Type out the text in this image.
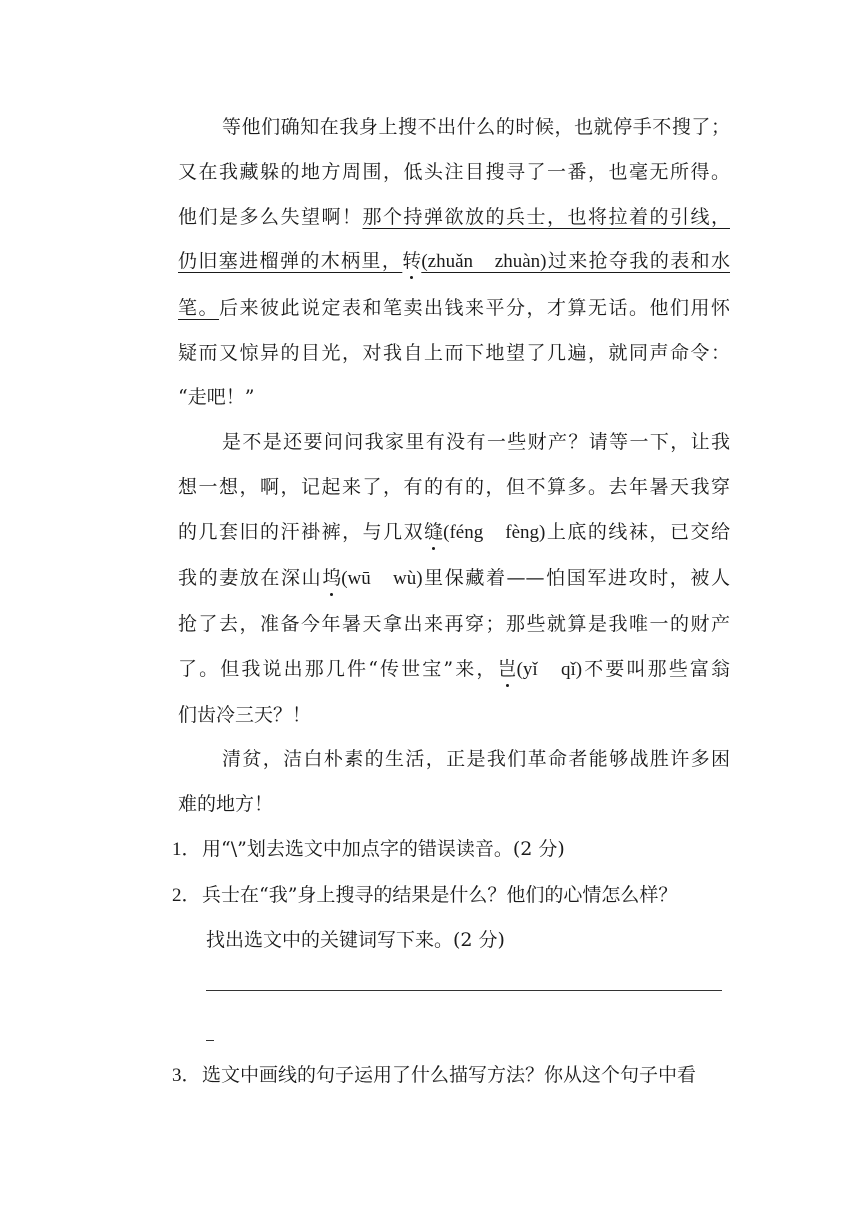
等他们确知在我身上搜不出什么的时候，也就停手不搜了；
又在我藏躲的地方周围，低头注目搜寻了一番，也毫无所得。
他们是多么失望啊！那个持弹欲放的兵士，也将拉着的引线，
仍旧塞进榴弹的木柄里，转(zhuǎn　zhuàn)过来抢夺我的表和水
笔。后来彼此说定表和笔卖出钱来平分，才算无话。他们用怀
疑而又惊异的目光，对我自上而下地望了几遍，就同声命令：
“走吧！”
是不是还要问问我家里有没有一些财产？请等一下，让我
想一想，啊，记起来了，有的有的，但不算多。去年暑天我穿
的几套旧的汗褂裤，与几双缝(féng　fèng)上底的线袜，已交给
我的妻放在深山坞(wū　wù)里保藏着——怕国军进攻时，被人
抢了去，准备今年暑天拿出来再穿；那些就算是我唯一的财产
了。但我说出那几件“传世宝”来，岂(yǐ　qǐ)不要叫那些富翁
们齿冷三天？！
清贫，洁白朴素的生活，正是我们革命者能够战胜许多困
难的地方！
1．用“\”划去选文中加点字的错误读音。(2 分)
2．兵士在“我”身上搜寻的结果是什么？他们的心情怎么样？
找出选文中的关键词写下来。(2 分)
3．选文中画线的句子运用了什么描写方法？你从这个句子中看
